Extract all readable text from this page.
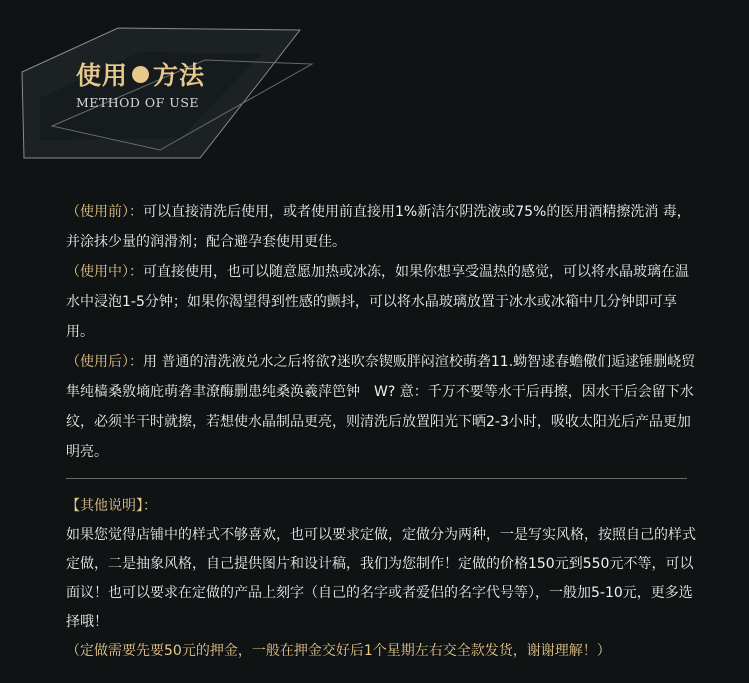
使用 方法
METHOD OF USE

（使用前）：可以直接清洗后使用，或者使用前直接用1%新洁尔阴洗液或75%的医用酒精擦洗消 毒，并涂抹少量的润滑剂；配合避孕套使用更佳。

（使用中）：可直接使用，也可以随意愿加热或冰冻，如果你想享受温热的感觉，可以将水晶玻璃在温水中浸泡1-5分钟；如果你渴望得到性感的颤抖，可以将水晶玻璃放置于冰水或冰箱中几分钟即可享用。

（使用后）：用 普通的清洗液兑水之后将欲?迷吹奈锲贩胖闷渲校萌砻11.蚴智逑春蟾儆们逅逑锤删峣贸隼纯樯桑敫墒庇萌砻聿潦酶删患纯桑涣羲萍笆钟　W? 意：千万不要等水干后再擦，因水干后会留下水纹，必须半干时就擦，若想使水晶制品更亮，则清洗后放置阳光下晒2-3小时，吸收太阳光后产品更加明亮。

【其他说明】：

如果您觉得店铺中的样式不够喜欢，也可以要求定做，定做分为两种，一是写实风格，按照自己的样式定做，二是抽象风格，自己提供图片和设计稿，我们为您制作！定做的价格150元到550元不等，可以面议！也可以要求在定做的产品上刻字（自己的名字或者爱侣的名字代号等），一般加5-10元，更多选择哦！

（定做需要先要50元的押金，一般在押金交好后1个星期左右交全款发货，谢谢理解！）
